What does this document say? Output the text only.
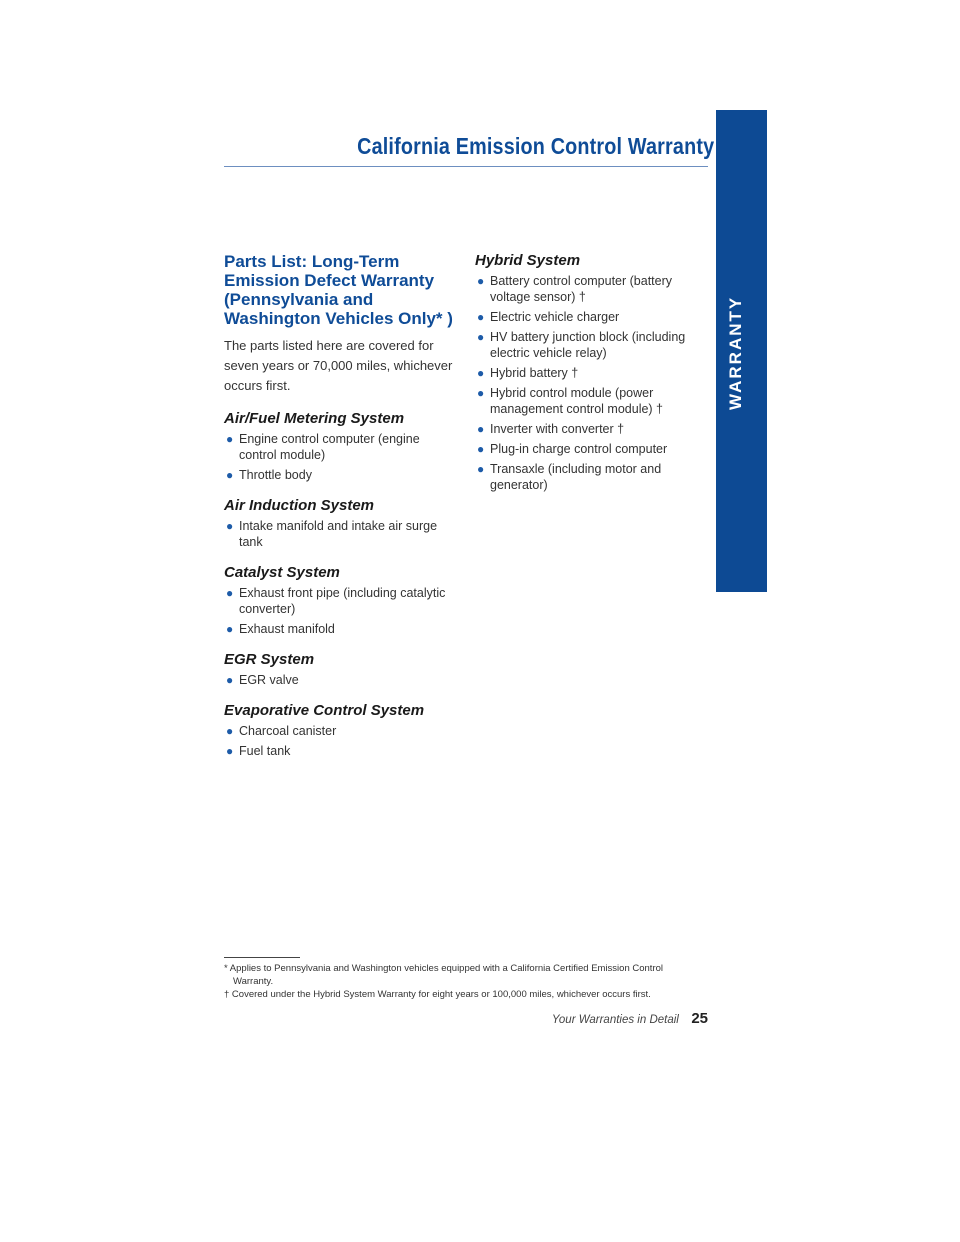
California Emission Control Warranty
WARRANTY
Parts List: Long-Term Emission Defect Warranty (Pennsylvania and Washington Vehicles Only* )

The parts listed here are covered for seven years or 70,000 miles, whichever occurs first.

Air/Fuel Metering System
● Engine control computer (engine control module)
● Throttle body
Air Induction System
● Intake manifold and intake air surge tank
Catalyst System
● Exhaust front pipe (including catalytic converter)
● Exhaust manifold
EGR System
● EGR valve
Evaporative Control System
● Charcoal canister
● Fuel tank
Hybrid System
● Battery control computer (battery voltage sensor) †
● Electric vehicle charger
● HV battery junction block (including electric vehicle relay)
● Hybrid battery †
● Hybrid control module (power management control module) †
● Inverter with converter †
● Plug-in charge control computer
● Transaxle (including motor and generator)

* Applies to Pennsylvania and Washington vehicles equipped with a California Certified Emission Control Warranty.

† Covered under the Hybrid System Warranty for eight years or 100,000 miles, whichever occurs first.

Your Warranties in Detail 25
